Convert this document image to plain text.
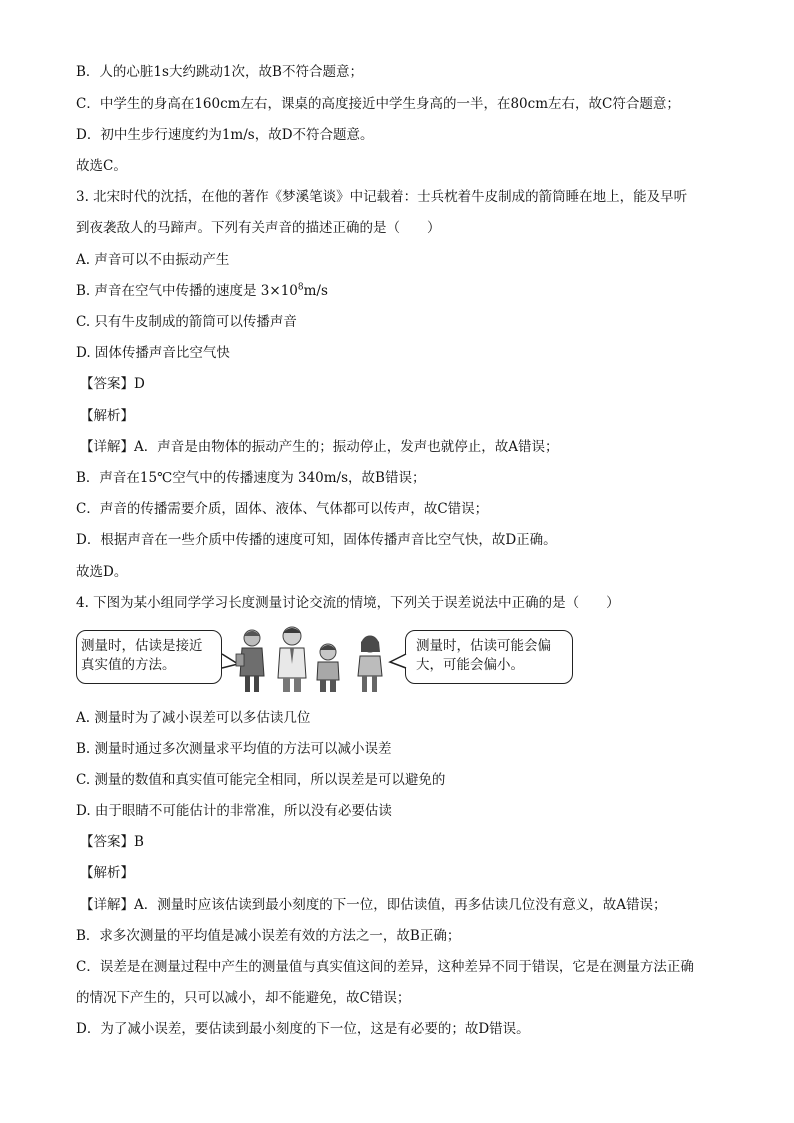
B．人的心脏1s大约跳动1次，故B不符合题意；
C．中学生的身高在160cm左右，课桌的高度接近中学生身高的一半，在80cm左右，故C符合题意；
D．初中生步行速度约为1m/s，故D不符合题意。
故选C。
3. 北宋时代的沈括，在他的著作《梦溪笔谈》中记载着：士兵枕着牛皮制成的箭筒睡在地上，能及早听
到夜袭敌人的马蹄声。下列有关声音的描述正确的是（　　）
A. 声音可以不由振动产生
B. 声音在空气中传播的速度是 $3\times 10^8m/s$
C. 只有牛皮制成的箭筒可以传播声音
D. 固体传播声音比空气快
【答案】D
【解析】
【详解】A．声音是由物体的振动产生的；振动停止，发声也就停止，故A错误；
B．声音在15℃空气中的传播速度为 340m/s，故B错误；
C．声音的传播需要介质，固体、液体、气体都可以传声，故C错误；
D．根据声音在一些介质中传播的速度可知，固体传播声音比空气快，故D正确。
故选D。
4. 下图为某小组同学学习长度测量讨论交流的情境，下列关于误差说法中正确的是（　　）
测量时，估读是接近
真实值的方法。
测量时，估读可能会偏
大，可能会偏小。
A. 测量时为了减小误差可以多估读几位
B. 测量时通过多次测量求平均值的方法可以减小误差
C. 测量的数值和真实值可能完全相同，所以误差是可以避免的
D. 由于眼睛不可能估计的非常准，所以没有必要估读
【答案】B
【解析】
【详解】A．测量时应该估读到最小刻度的下一位，即估读值，再多估读几位没有意义，故A错误；
B．求多次测量的平均值是减小误差有效的方法之一，故B正确；
C．误差是在测量过程中产生的测量值与真实值这间的差异，这种差异不同于错误，它是在测量方法正确
的情况下产生的，只可以减小，却不能避免，故C错误；
D．为了减小误差，要估读到最小刻度的下一位，这是有必要的；故D错误。
